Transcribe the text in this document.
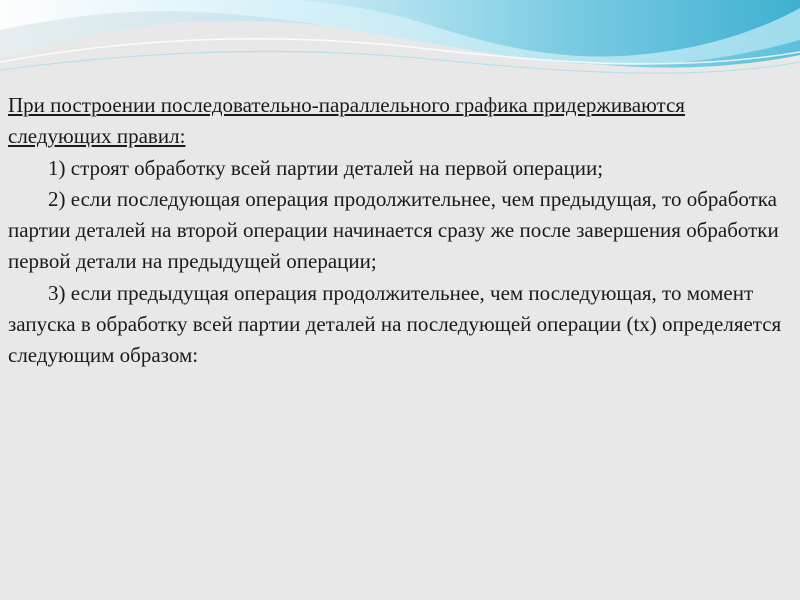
При построении последовательно-параллельного графика придерживаются следующих правил:

1) строят обработку всей партии деталей на первой операции;

2) если последующая операция продолжительнее, чем предыдущая, то обработка партии деталей на второй операции начинается сразу же после завершения обработки первой детали на предыдущей операции;

3) если предыдущая операция продолжительнее, чем последующая, то момент запуска в обработку всей партии деталей на последующей операции (tx) определяется следующим образом:
